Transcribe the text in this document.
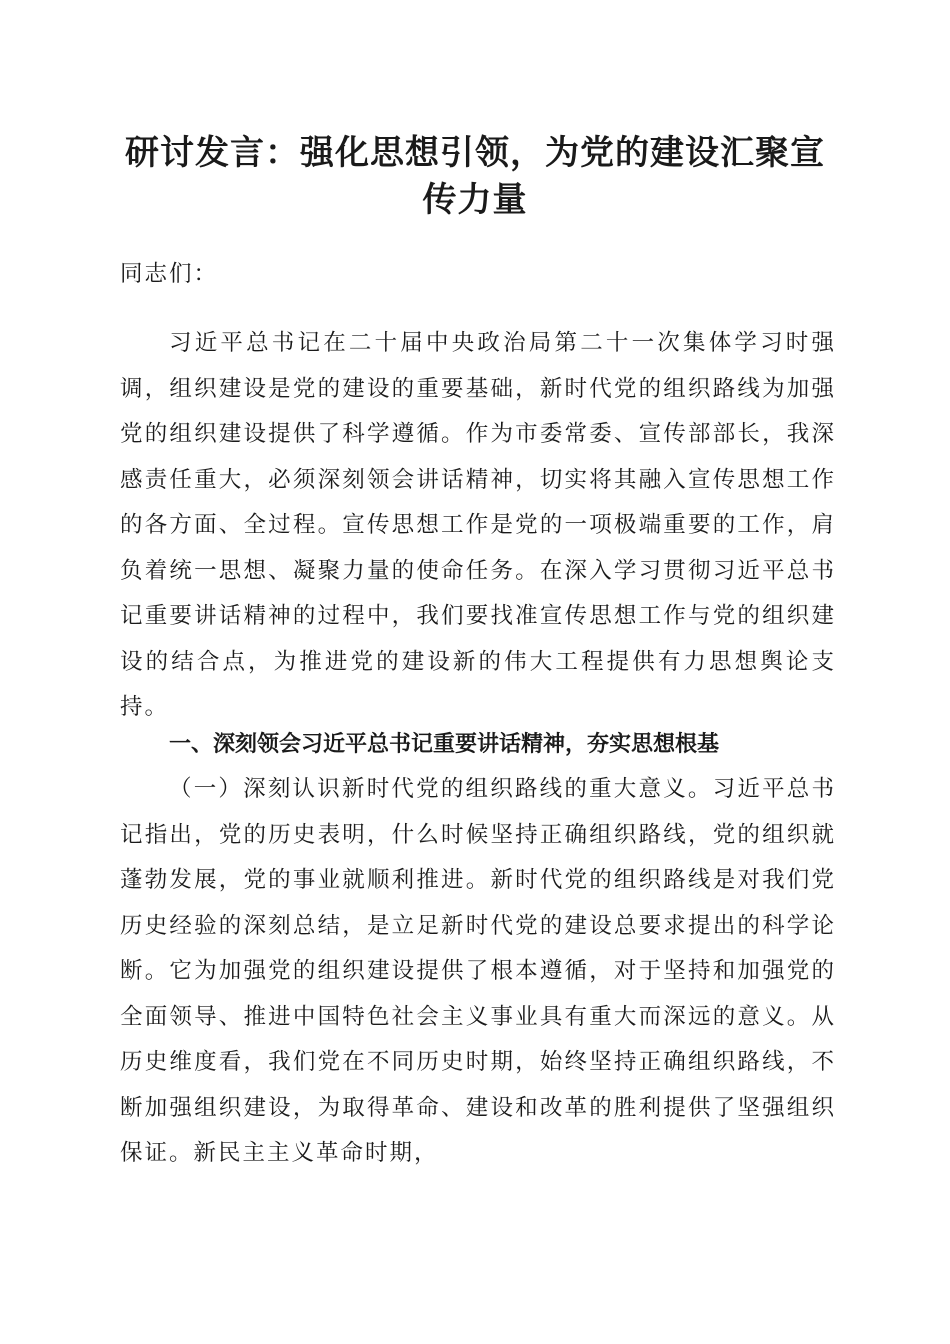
研讨发言：强化思想引领，为党的建设汇聚宣传力量

同志们：

习近平总书记在二十届中央政治局第二十一次集体学习时强调，组织建设是党的建设的重要基础，新时代党的组织路线为加强党的组织建设提供了科学遵循。作为市委常委、宣传部部长，我深感责任重大，必须深刻领会讲话精神，切实将其融入宣传思想工作的各方面、全过程。宣传思想工作是党的一项极端重要的工作，肩负着统一思想、凝聚力量的使命任务。在深入学习贯彻习近平总书记重要讲话精神的过程中，我们要找准宣传思想工作与党的组织建设的结合点，为推进党的建设新的伟大工程提供有力思想舆论支持。

一、深刻领会习近平总书记重要讲话精神，夯实思想根基

（一）深刻认识新时代党的组织路线的重大意义。习近平总书记指出，党的历史表明，什么时候坚持正确组织路线，党的组织就蓬勃发展，党的事业就顺利推进。新时代党的组织路线是对我们党历史经验的深刻总结，是立足新时代党的建设总要求提出的科学论断。它为加强党的组织建设提供了根本遵循，对于坚持和加强党的全面领导、推进中国特色社会主义事业具有重大而深远的意义。从历史维度看，我们党在不同历史时期，始终坚持正确组织路线，不断加强组织建设，为取得革命、建设和改革的胜利提供了坚强组织保证。新民主主义革命时期，
